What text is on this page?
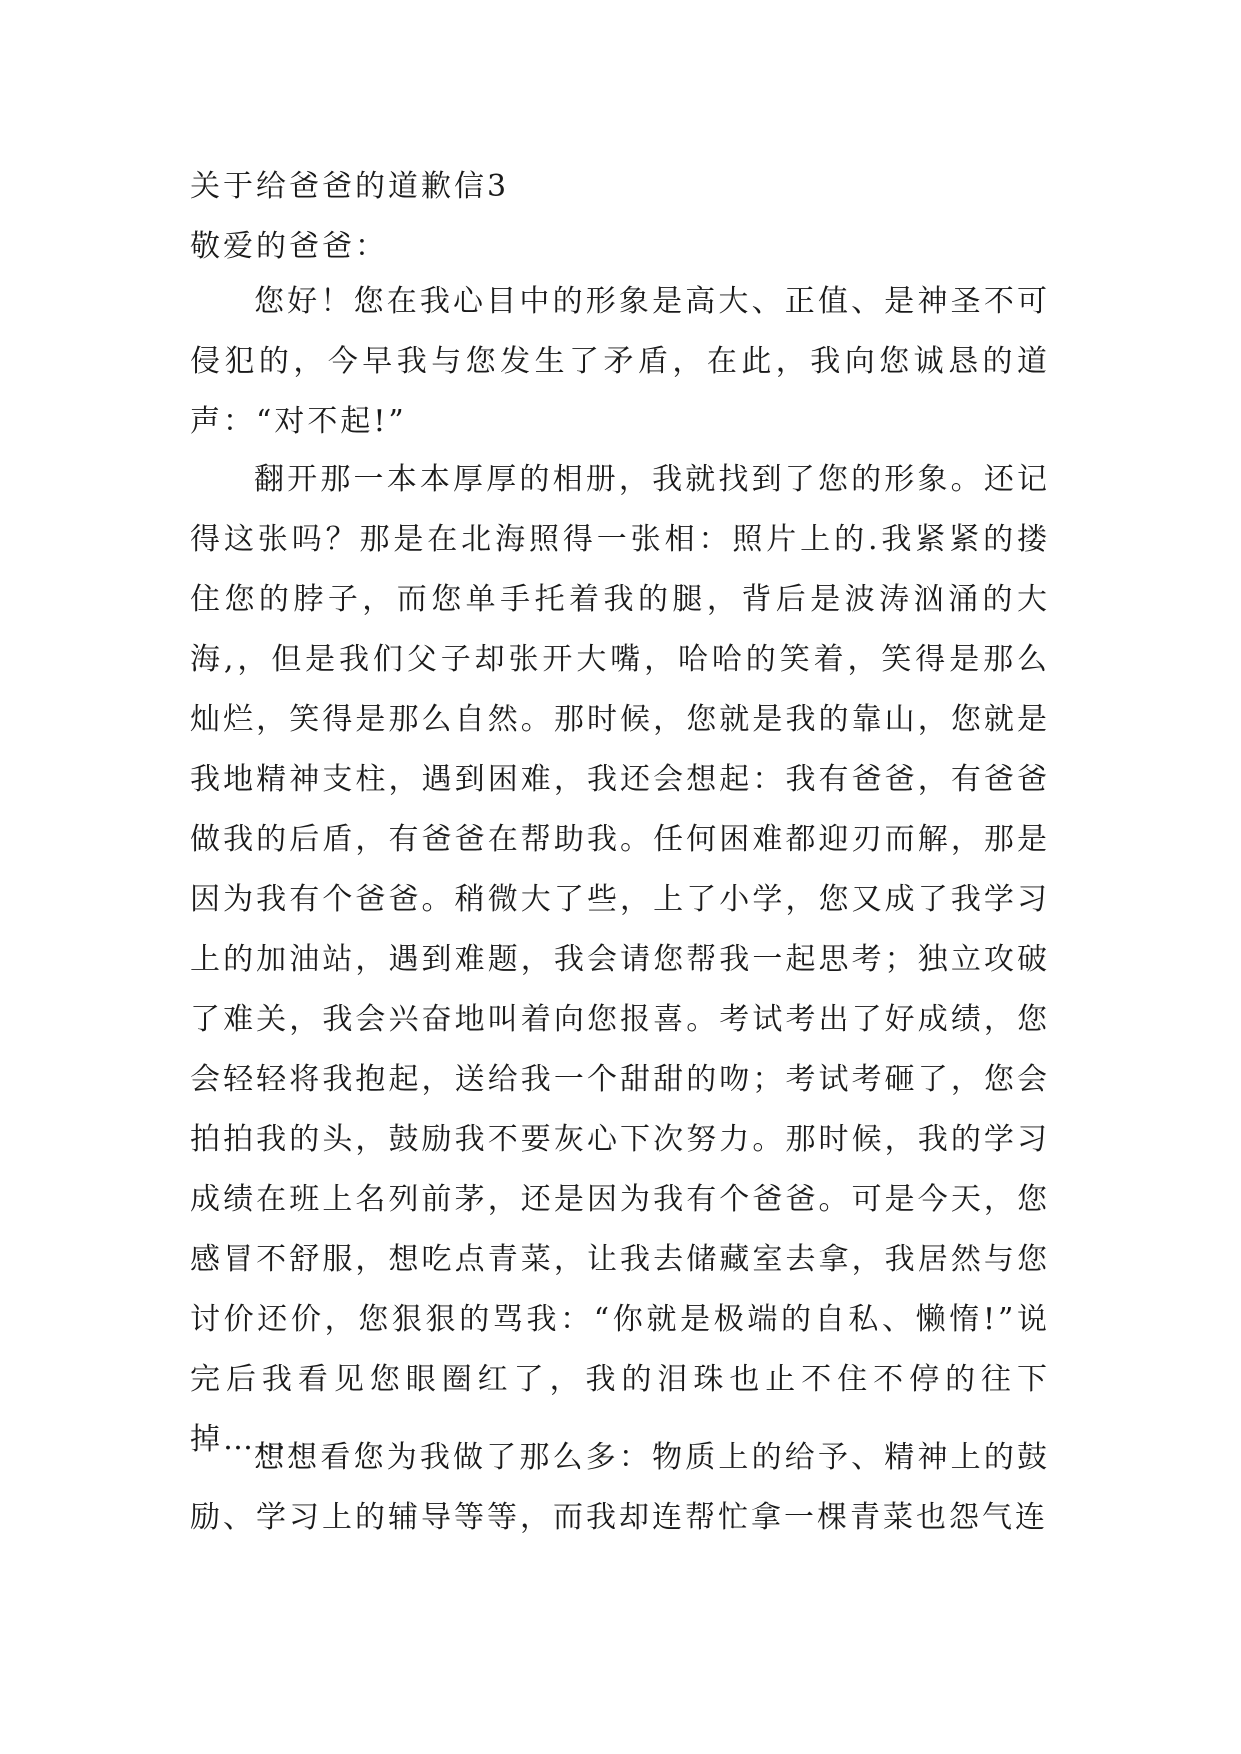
关于给爸爸的道歉信3
敬爱的爸爸：
您好！您在我心目中的形象是高大、正值、是神圣不可侵犯的，今早我与您发生了矛盾，在此，我向您诚恳的道声：“对不起!”
翻开那一本本厚厚的相册，我就找到了您的形象。还记得这张吗？那是在北海照得一张相：照片上的.我紧紧的搂住您的脖子，而您单手托着我的腿，背后是波涛汹涌的大海,，但是我们父子却张开大嘴，哈哈的笑着，笑得是那么灿烂，笑得是那么自然。那时候，您就是我的靠山，您就是我地精神支柱，遇到困难，我还会想起：我有爸爸，有爸爸做我的后盾，有爸爸在帮助我。任何困难都迎刃而解，那是因为我有个爸爸。稍微大了些，上了小学，您又成了我学习上的加油站，遇到难题，我会请您帮我一起思考；独立攻破了难关，我会兴奋地叫着向您报喜。考试考出了好成绩，您会轻轻将我抱起，送给我一个甜甜的吻；考试考砸了，您会拍拍我的头，鼓励我不要灰心下次努力。那时候，我的学习成绩在班上名列前茅，还是因为我有个爸爸。可是今天，您感冒不舒服，想吃点青菜，让我去储藏室去拿，我居然与您讨价还价，您狠狠的骂我：“你就是极端的自私、懒惰!”说完后我看见您眼圈红了，我的泪珠也止不住不停的往下掉……
想想看您为我做了那么多：物质上的给予、精神上的鼓励、学习上的辅导等等，而我却连帮忙拿一棵青菜也怨气连
